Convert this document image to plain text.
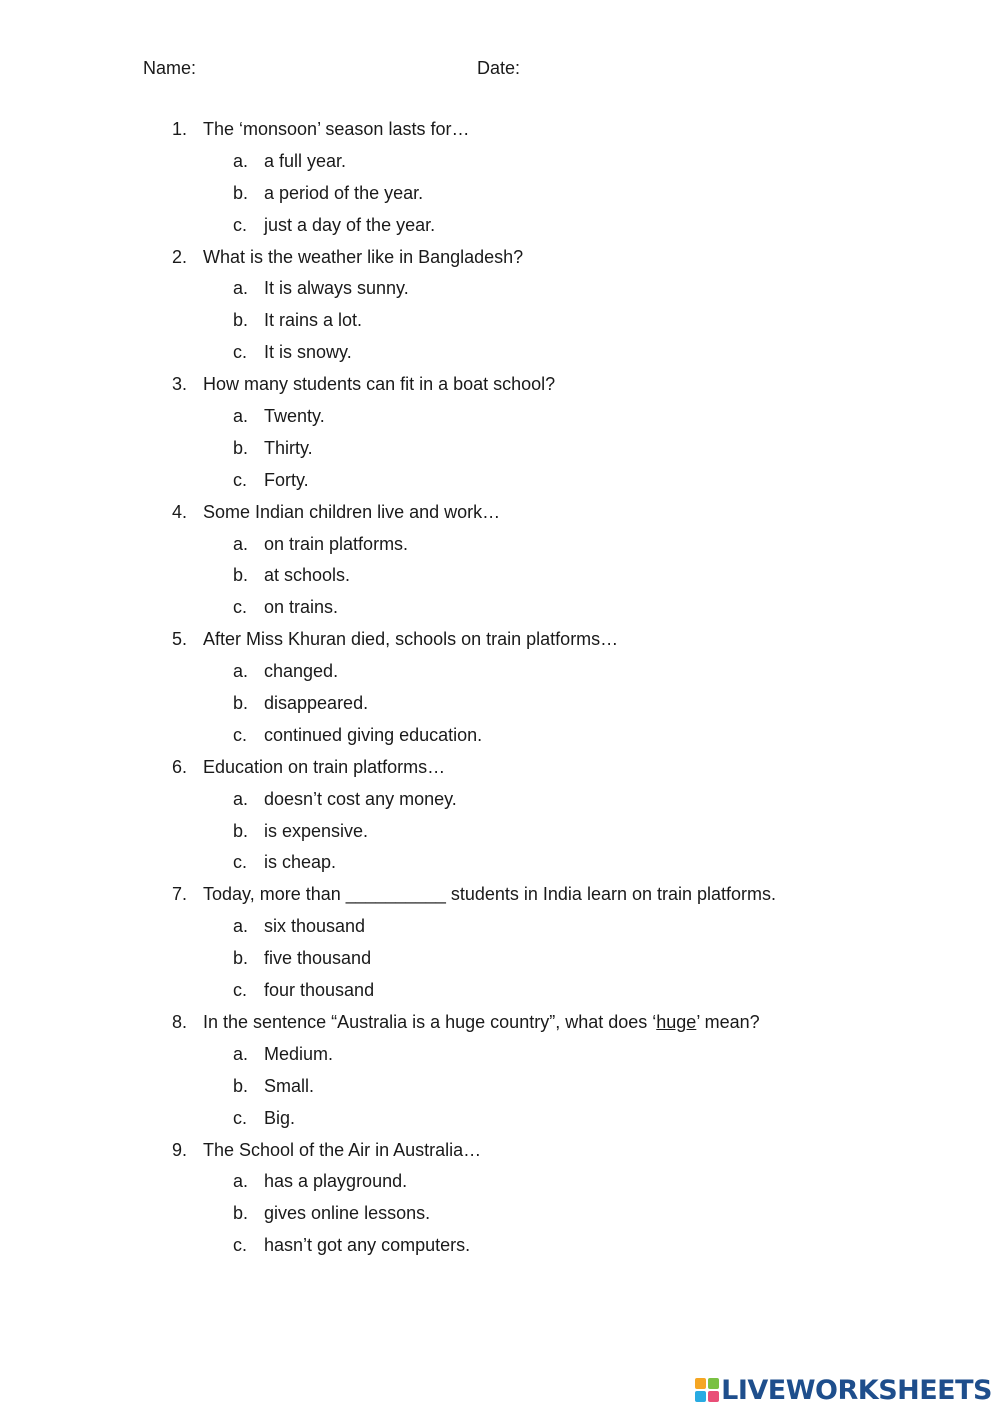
Name:	Date:
1. The ‘monsoon’ season lasts for…
a. a full year.
b. a period of the year.
c. just a day of the year.
2. What is the weather like in Bangladesh?
a. It is always sunny.
b. It rains a lot.
c. It is snowy.
3. How many students can fit in a boat school?
a. Twenty.
b. Thirty.
c. Forty.
4. Some Indian children live and work…
a. on train platforms.
b. at schools.
c. on trains.
5. After Miss Khuran died, schools on train platforms…
a. changed.
b. disappeared.
c. continued giving education.
6. Education on train platforms…
a. doesn’t cost any money.
b. is expensive.
c. is cheap.
7. Today, more than __________ students in India learn on train platforms.
a. six thousand
b. five thousand
c. four thousand
8. In the sentence “Australia is a huge country”, what does ‘huge’ mean?
a. Medium.
b. Small.
c. Big.
9. The School of the Air in Australia…
a. has a playground.
b. gives online lessons.
c. hasn’t got any computers.
LIVEWORKSHEETS
